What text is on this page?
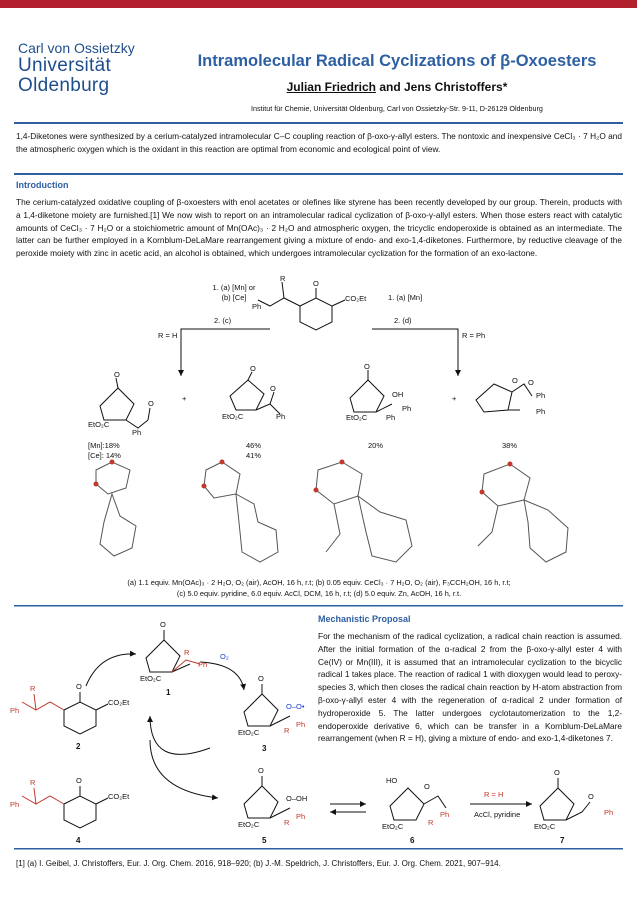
Carl von Ossietzky
Universität
Oldenburg
Intramolecular Radical Cyclizations of β-Oxoesters
Julian Friedrich and Jens Christoffers*
Institut für Chemie, Universität Oldenburg, Carl von Ossietzky-Str. 9-11, D-26129 Oldenburg
1,4-Diketones were synthesized by a cerium-catalyzed intramolecular C–C coupling reaction of β-oxo-γ-allyl esters. The nontoxic and inexpensive CeCl₃ · 7 H₂O and the atmospheric oxygen which is the oxidant in this reaction are optimal from economic and ecological point of view.
Introduction
The cerium-catalyzed oxidative coupling of β-oxoesters with enol acetates or olefines like styrene has been recently developed by our group. Therein, products with a 1,4-diketone moiety are furnished.[1] We now wish to report on an intramolecular radical cyclization of β-oxo-γ-allyl esters. When those esters react with catalytic amounts of CeCl₃ · 7 H₂O or a stoichiometric amount of Mn(OAc)₃ · 2 H₂O and atmospheric oxygen, the tricyclic endoperoxide is obtained as an intermediate. The latter can be further employed in a Kornblum-DeLaMare rearrangement giving a mixture of endo- and exo-1,4-diketones. Furthermore, by reductive cleavage of the peroxide moiety with zinc in acetic acid, an alcohol is obtained, which undergoes intramolecular cyclization for the formation of an exo-lactone.
1. (a) [Mn] or
(b) [Ce]
2. (c)
1. (a) [Mn]
2. (d)
R = H	R = Ph
R
Ph
O
CO₂Et
O
EtO₂C
O
Ph
[Mn]:18%
[Ce]: 14%
+
O
O
EtO₂C	Ph
46%
41%
O
OH
EtO₂C	Ph
Ph
20%
+
O O
Ph
Ph
38%
(a) 1.1 equiv. Mn(OAc)₃ · 2 H₂O, O₂ (air), AcOH, 16 h, r.t; (b) 0.05 equiv. CeCl₃ · 7 H₂O, O₂ (air), F₃CCH₂OH, 16 h, r.t;
(c) 5.0 equiv. pyridine, 6.0 equiv. AcCl, DCM, 16 h, r.t; (d) 5.0 equiv. Zn, AcOH, 16 h, r.t.
Mechanistic Proposal
For the mechanism of the radical cyclization, a radical chain reaction is assumed. After the initial formation of the α-radical 2 from the β-oxo-γ-allyl ester 4 with Ce(IV) or Mn(III), it is assumed that an intramolecular cyclization to the bicyclic radical 1 takes place. The reaction of radical 1 with dioxygen would lead to peroxy-species 3, which then closes the radical chain reaction by H-atom abstraction from β-oxo-γ-allyl ester 4 with the regeneration of α-radical 2 under formation of hydroperoxide 5. The latter undergoes cyclotautomerization to the 1,2-endoperoxide derivative 6, which can be transfer in a Kornblum-DeLaMare rearrangement (when R = H), giving a mixture of endo- and exo-1,4-diketones 7.
O
EtO₂C
R
Ph
1
O₂
O
O–O•
EtO₂C	R
Ph
3
R
Ph
O
CO₂Et
2
R
Ph
O
CO₂Et
4
O
O–OH
EtO₂C	R
Ph
5
HO
O
EtO₂C	R
Ph
6
R = H
AcCl, pyridine
O
O
EtO₂C
Ph
7
[1] (a) I. Geibel, J. Christoffers, Eur. J. Org. Chem. 2016, 918–920; (b) J.-M. Speldrich, J. Christoffers, Eur. J. Org. Chem. 2021, 907–914.
